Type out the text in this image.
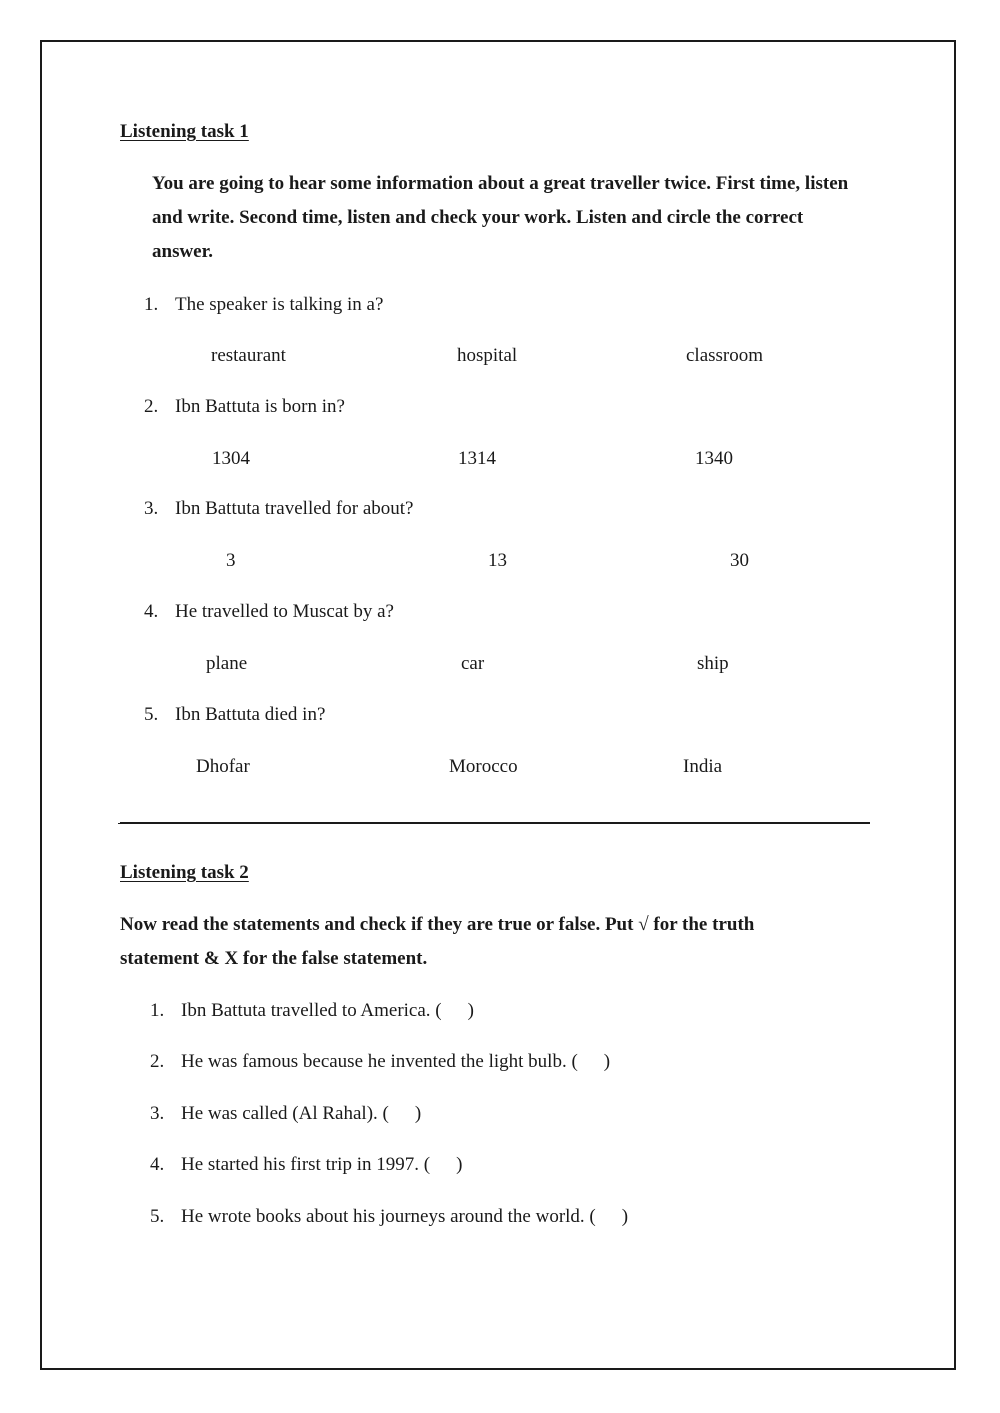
Listening task 1
You are going to hear some information about a great traveller twice. First time, listen and write. Second time, listen and check your work. Listen and circle the correct answer.
1. The speaker is talking in a?
restaurant	hospital	classroom
2. Ibn Battuta is born in?
1304	1314	1340
3. Ibn Battuta travelled for about?
3	13	30
4. He travelled to Muscat by a?
plane	car	ship
5. Ibn Battuta died in?
Dhofar	Morocco	India
Listening task 2
Now read the statements and check if they are true or false. Put √ for the truth
statement & X for the false statement.
1. Ibn Battuta travelled to America. ( )
2. He was famous because he invented the light bulb. ( )
3. He was called (Al Rahal). ( )
4. He started his first trip in 1997. ( )
5. He wrote books about his journeys around the world. ( )
